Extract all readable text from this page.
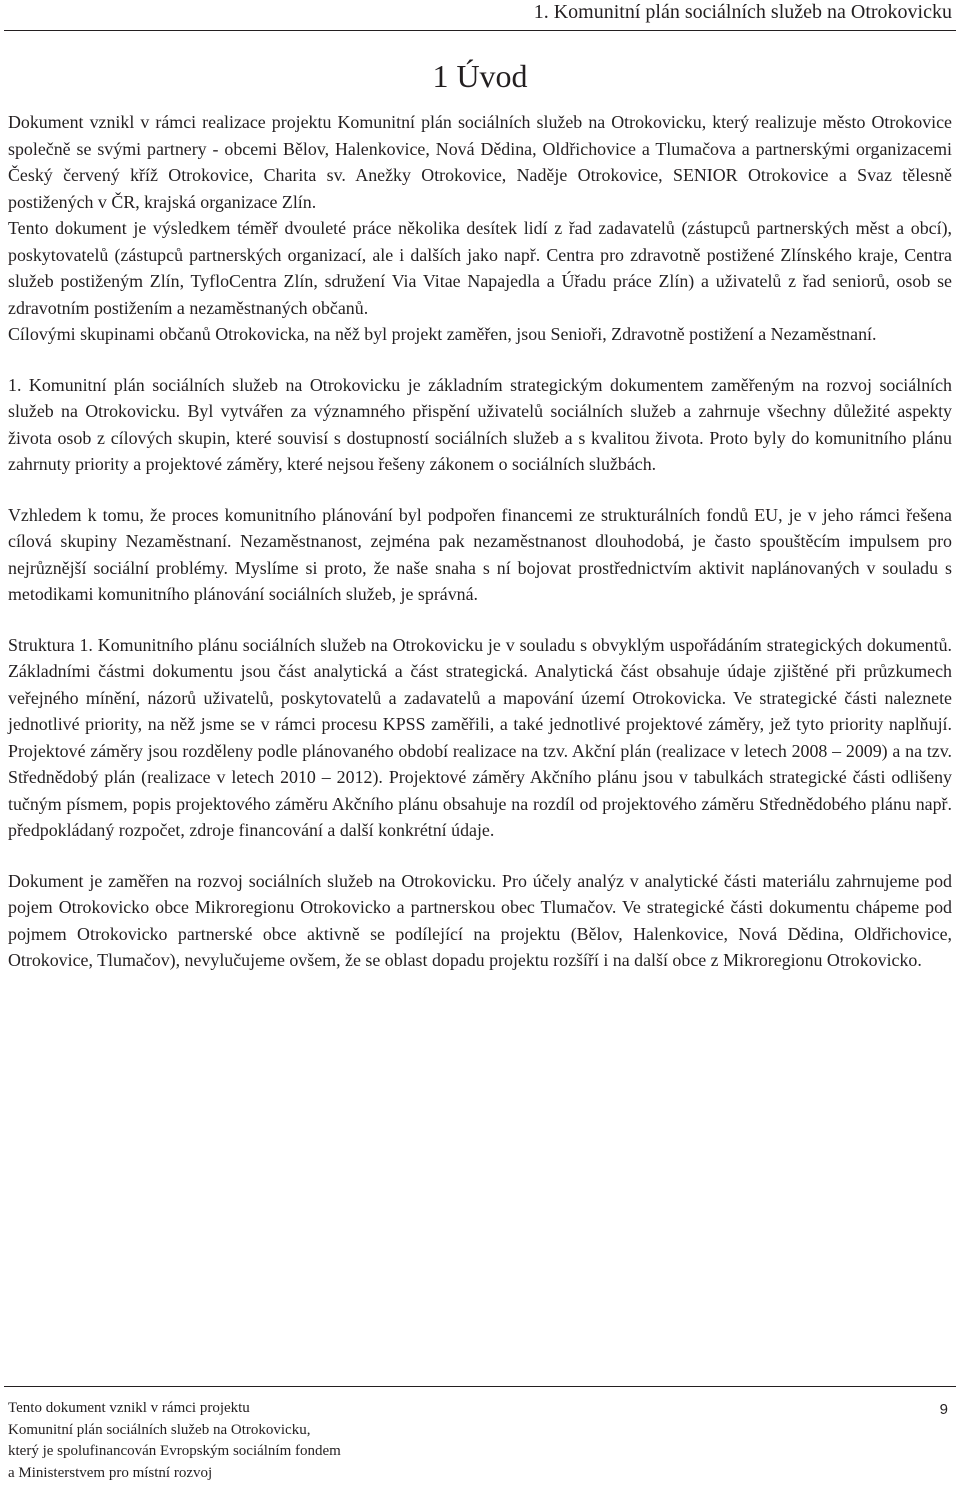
1. Komunitní plán sociálních služeb na Otrokovicku
1 Úvod

Dokument vznikl v rámci realizace projektu Komunitní plán sociálních služeb na Otrokovicku, který realizuje město Otrokovice společně se svými partnery - obcemi Bělov, Halenkovice, Nová Dědina, Oldřichovice a Tlumačova a partnerskými organizacemi Český červený kříž Otrokovice, Charita sv. Anežky Otrokovice, Naděje Otrokovice, SENIOR Otrokovice a Svaz tělesně postižených v ČR, krajská organizace Zlín.

Tento dokument je výsledkem téměř dvouleté práce několika desítek lidí z řad zadavatelů (zástupců partnerských měst a obcí), poskytovatelů (zástupců partnerských organizací, ale i dalších jako např. Centra pro zdravotně postižené Zlínského kraje, Centra služeb postiženým Zlín, TyfloCentra Zlín, sdružení Via Vitae Napajedla a Úřadu práce Zlín) a uživatelů z řad seniorů, osob se zdravotním postižením a nezaměstnaných občanů.

Cílovými skupinami občanů Otrokovicka, na něž byl projekt zaměřen, jsou Senioři, Zdravotně postižení a Nezaměstnaní.

1. Komunitní plán sociálních služeb na Otrokovicku je základním strategickým dokumentem zaměřeným na rozvoj sociálních služeb na Otrokovicku. Byl vytvářen za významného přispění uživatelů sociálních služeb a zahrnuje všechny důležité aspekty života osob z cílových skupin, které souvisí s dostupností sociálních služeb a s kvalitou života. Proto byly do komunitního plánu zahrnuty priority a projektové záměry, které nejsou řešeny zákonem o sociálních službách.

Vzhledem k tomu, že proces komunitního plánování byl podpořen financemi ze strukturálních fondů EU, je v jeho rámci řešena cílová skupiny Nezaměstnaní. Nezaměstnanost, zejména pak nezaměstnanost dlouhodobá, je často spouštěcím impulsem pro nejrůznější sociální problémy. Myslíme si proto, že naše snaha s ní bojovat prostřednictvím aktivit naplánovaných v souladu s metodikami komunitního plánování sociálních služeb, je správná.

Struktura 1. Komunitního plánu sociálních služeb na Otrokovicku je v souladu s obvyklým uspořádáním strategických dokumentů. Základními částmi dokumentu jsou část analytická a část strategická. Analytická část obsahuje údaje zjištěné při průzkumech veřejného mínění, názorů uživatelů, poskytovatelů a zadavatelů a mapování území Otrokovicka. Ve strategické části naleznete jednotlivé priority, na něž jsme se v rámci procesu KPSS zaměřili, a také jednotlivé projektové záměry, jež tyto priority naplňují. Projektové záměry jsou rozděleny podle plánovaného období realizace na tzv. Akční plán (realizace v letech 2008 – 2009) a na tzv. Střednědobý plán (realizace v letech 2010 – 2012). Projektové záměry Akčního plánu jsou v tabulkách strategické části odlišeny tučným písmem, popis projektového záměru Akčního plánu obsahuje na rozdíl od projektového záměru Střednědobého plánu např. předpokládaný rozpočet, zdroje financování a další konkrétní údaje.

Dokument je zaměřen na rozvoj sociálních služeb na Otrokovicku. Pro účely analýz v analytické části materiálu zahrnujeme pod pojem Otrokovicko obce Mikroregionu Otrokovicko a partnerskou obec Tlumačov. Ve strategické části dokumentu chápeme pod pojmem Otrokovicko partnerské obce aktivně se podílející na projektu (Bělov, Halenkovice, Nová Dědina, Oldřichovice, Otrokovice, Tlumačov), nevylučujeme ovšem, že se oblast dopadu projektu rozšíří i na další obce z Mikroregionu Otrokovicko.

Tento dokument vznikl v rámci projektu
Komunitní plán sociálních služeb na Otrokovicku,
který je spolufinancován Evropským sociálním fondem
a Ministerstvem pro místní rozvoj
9
